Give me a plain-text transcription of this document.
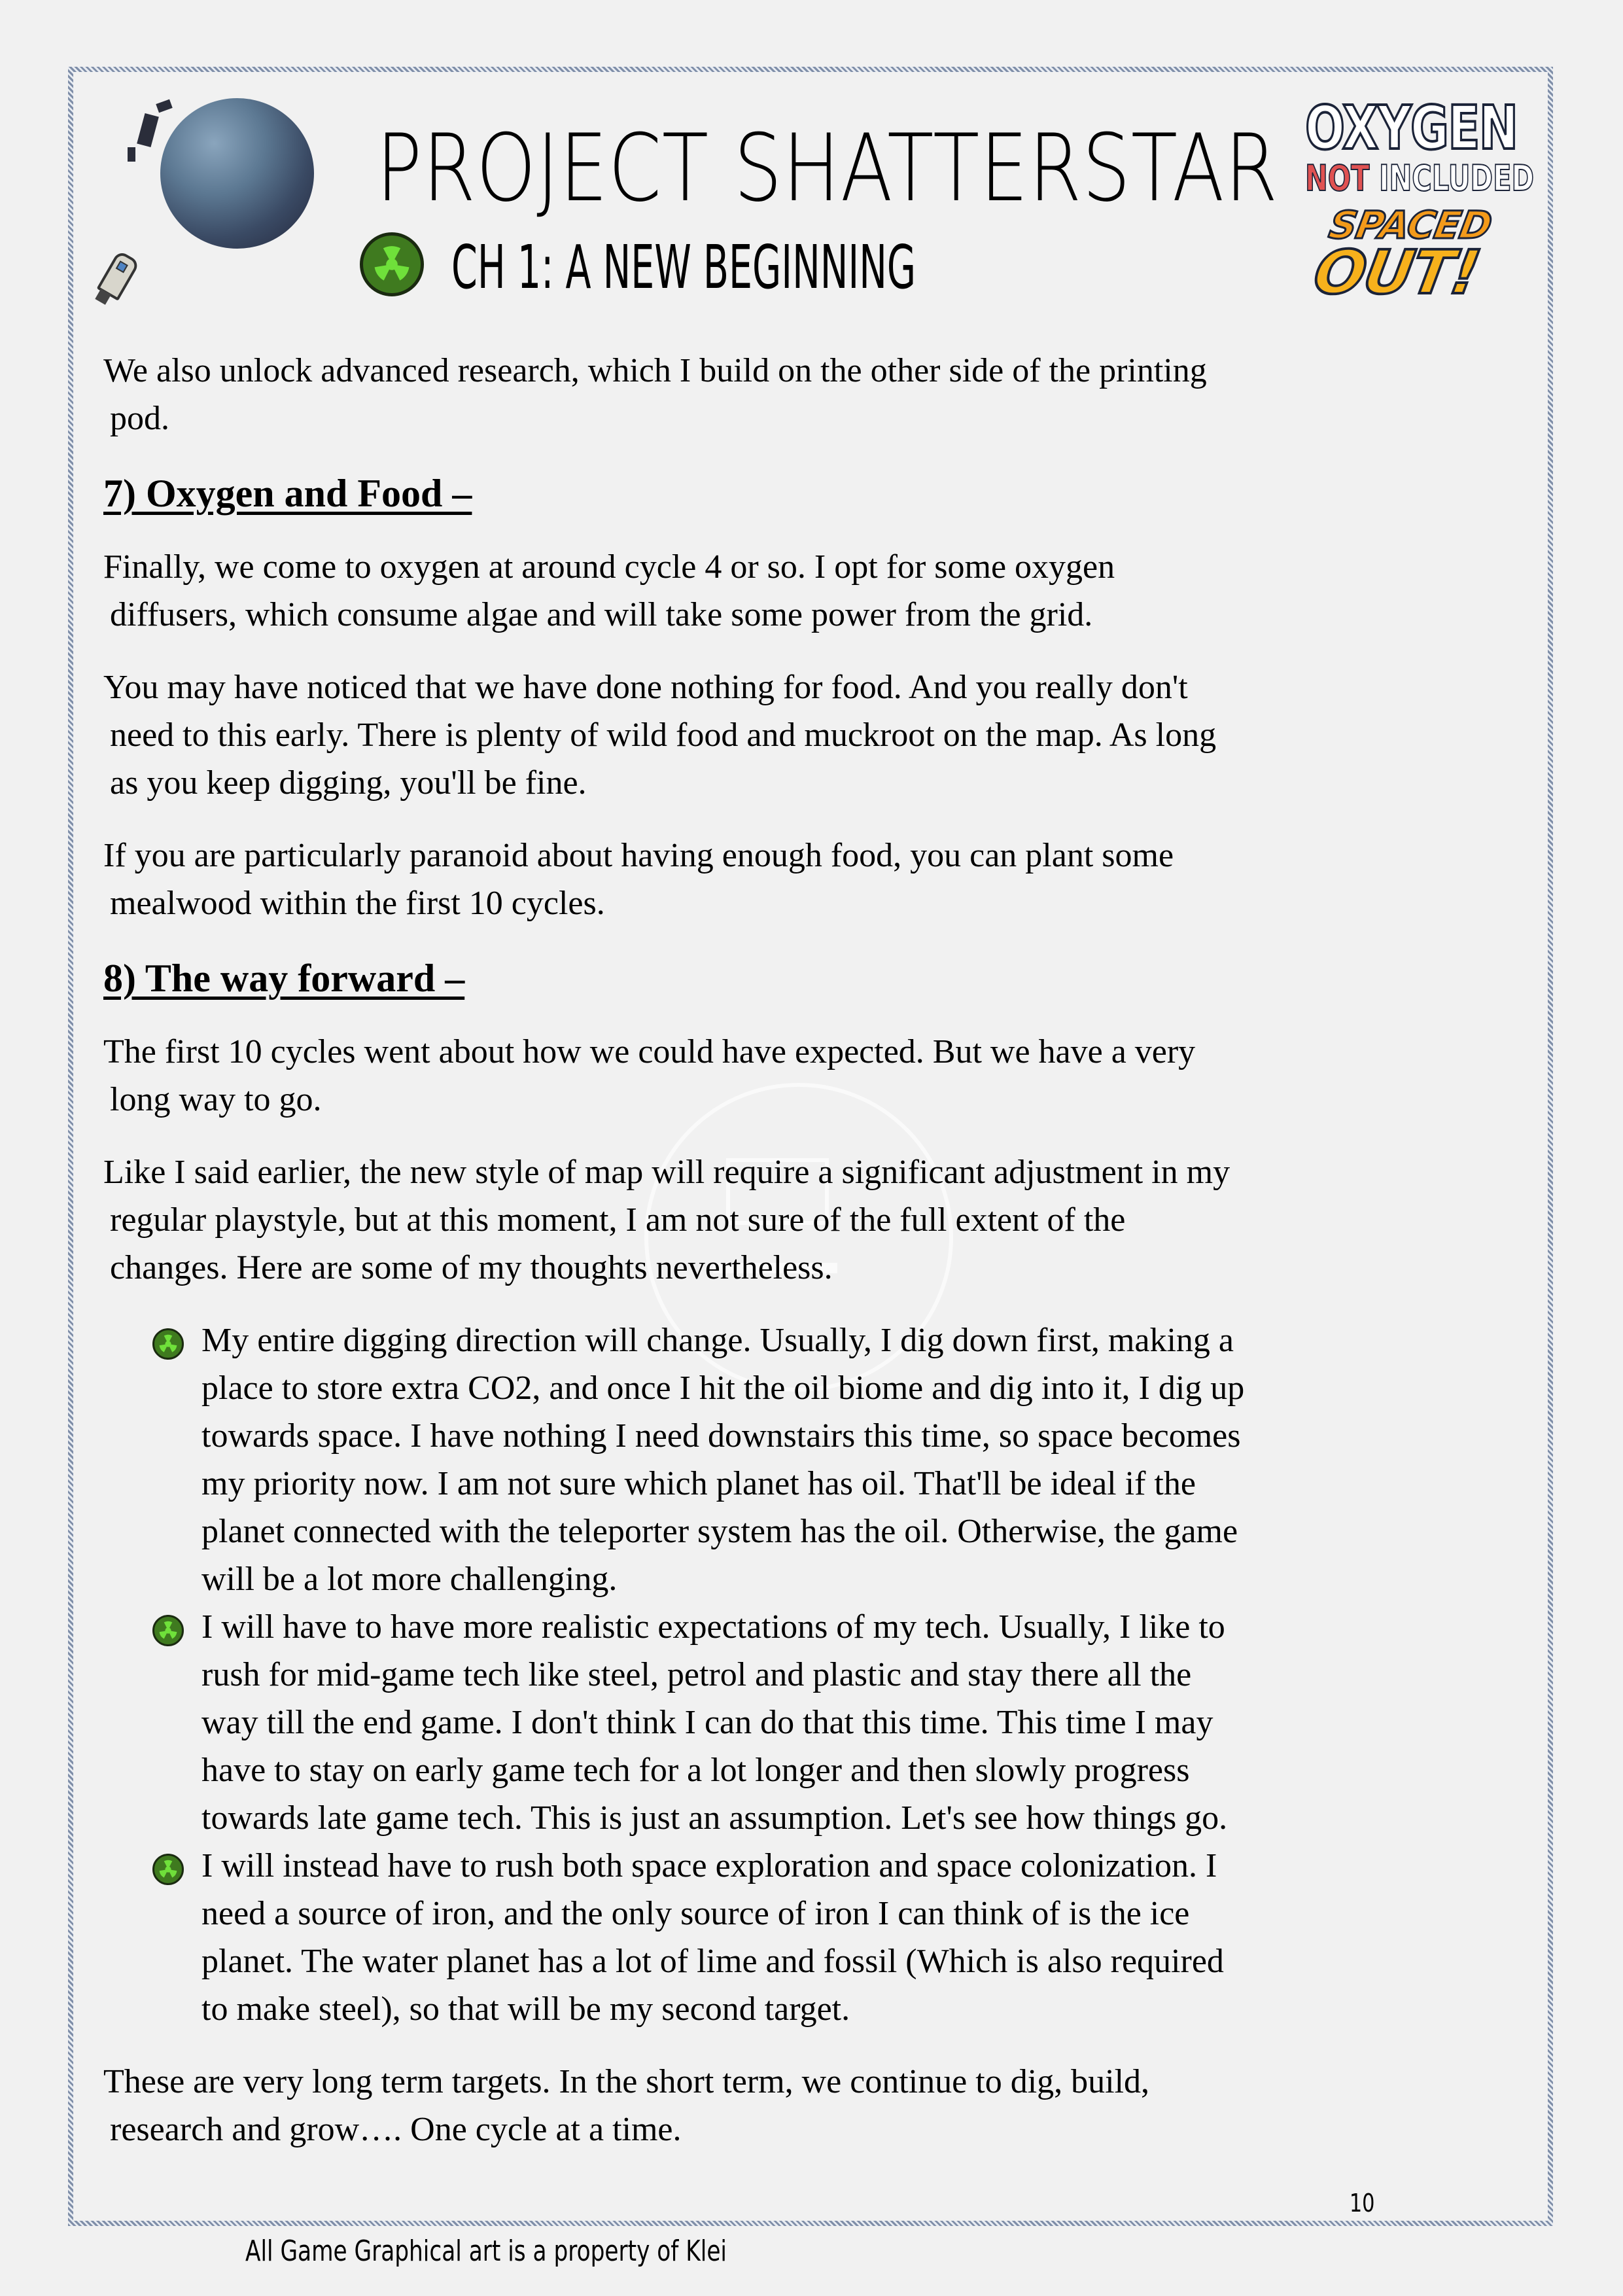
PROJECT SHATTERSTAR
CH 1: A NEW BEGINNING
OXYGEN
NOT INCLUDED
SPACED
OUT!

We also unlock advanced research, which I build on the other side of the printing
pod.

7) Oxygen and Food –

Finally, we come to oxygen at around cycle 4 or so. I opt for some oxygen
diffusers, which consume algae and will take some power from the grid.

You may have noticed that we have done nothing for food. And you really don't
need to this early. There is plenty of wild food and muckroot on the map. As long
as you keep digging, you'll be fine.

If you are particularly paranoid about having enough food, you can plant some
mealwood within the first 10 cycles.

8) The way forward –

The first 10 cycles went about how we could have expected. But we have a very
long way to go.

Like I said earlier, the new style of map will require a significant adjustment in my
regular playstyle, but at this moment, I am not sure of the full extent of the
changes. Here are some of my thoughts nevertheless.

My entire digging direction will change. Usually, I dig down first, making a
place to store extra CO2, and once I hit the oil biome and dig into it, I dig up
towards space. I have nothing I need downstairs this time, so space becomes
my priority now. I am not sure which planet has oil. That'll be ideal if the
planet connected with the teleporter system has the oil. Otherwise, the game
will be a lot more challenging.
I will have to have more realistic expectations of my tech. Usually, I like to
rush for mid-game tech like steel, petrol and plastic and stay there all the
way till the end game. I don't think I can do that this time. This time I may
have to stay on early game tech for a lot longer and then slowly progress
towards late game tech. This is just an assumption. Let's see how things go.
I will instead have to rush both space exploration and space colonization. I
need a source of iron, and the only source of iron I can think of is the ice
planet. The water planet has a lot of lime and fossil (Which is also required
to make steel), so that will be my second target.

These are very long term targets. In the short term, we continue to dig, build,
research and grow…. One cycle at a time.

10
All Game Graphical art is a property of Klei
